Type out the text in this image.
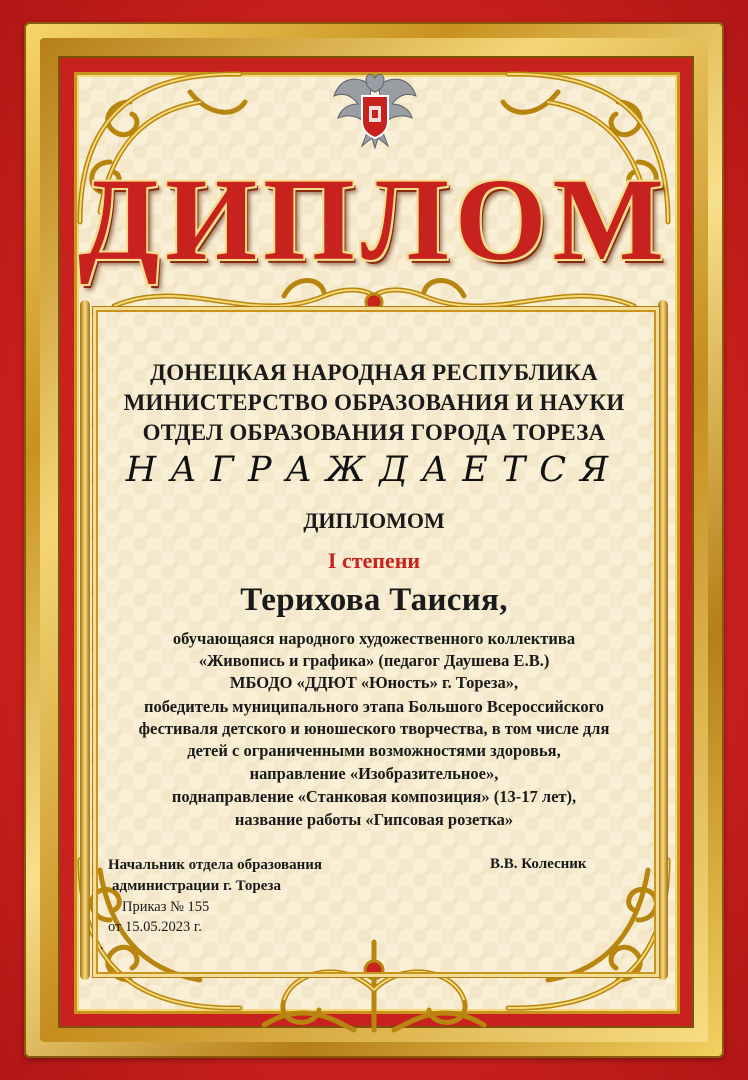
ДИПЛОМ
ДОНЕЦКАЯ НАРОДНАЯ РЕСПУБЛИКА
МИНИСТЕРСТВО ОБРАЗОВАНИЯ И НАУКИ
ОТДЕЛ ОБРАЗОВАНИЯ ГОРОДА ТОРЕЗА
НАГРАЖДАЕТСЯ
ДИПЛОМОМ
I степени
Терихова Таисия,
обучающаяся народного художественного коллектива
«Живопись и графика» (педагог Даушева Е.В.)
МБОДО «ДДЮТ «Юность» г. Тореза»,
победитель муниципального этапа Большого Всероссийского
фестиваля детского и юношеского творчества, в том числе для
детей с ограниченными возможностями здоровья,
направление «Изобразительное»,
поднаправление «Станковая композиция» (13-17 лет),
название работы «Гипсовая розетка»
Начальник отдела образования
администрации г. Тореза
В.В. Колесник
Приказ № 155
от 15.05.2023 г.
.
